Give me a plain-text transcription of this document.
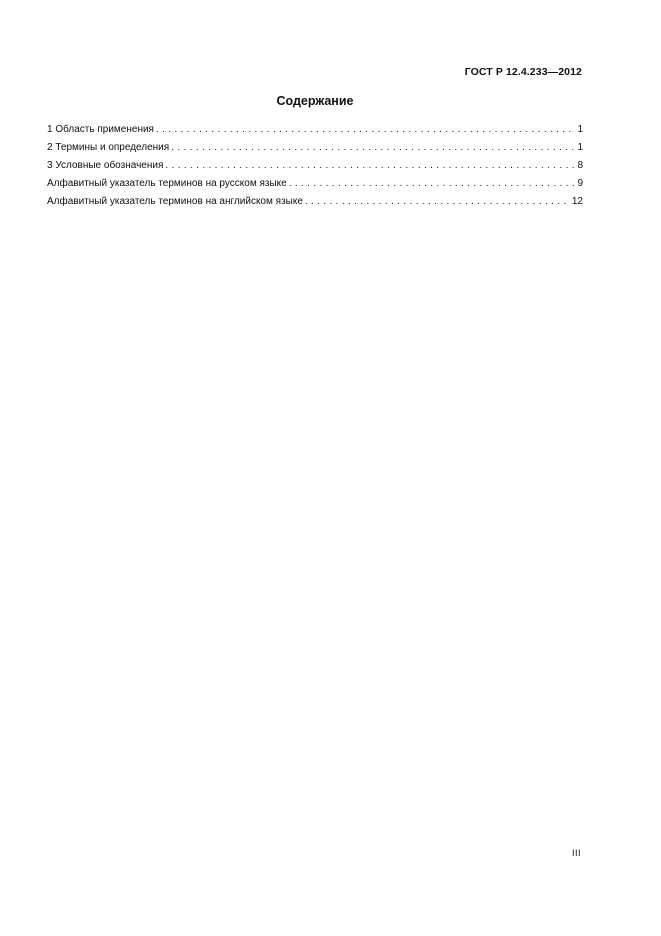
ГОСТ Р 12.4.233—2012
Содержание
1 Область применения . . .	1
2 Термины и определения . . .	1
3 Условные обозначения . . .	8
Алфавитный указатель терминов на русском языке . . .	9
Алфавитный указатель терминов на английском языке . . .	12
III
